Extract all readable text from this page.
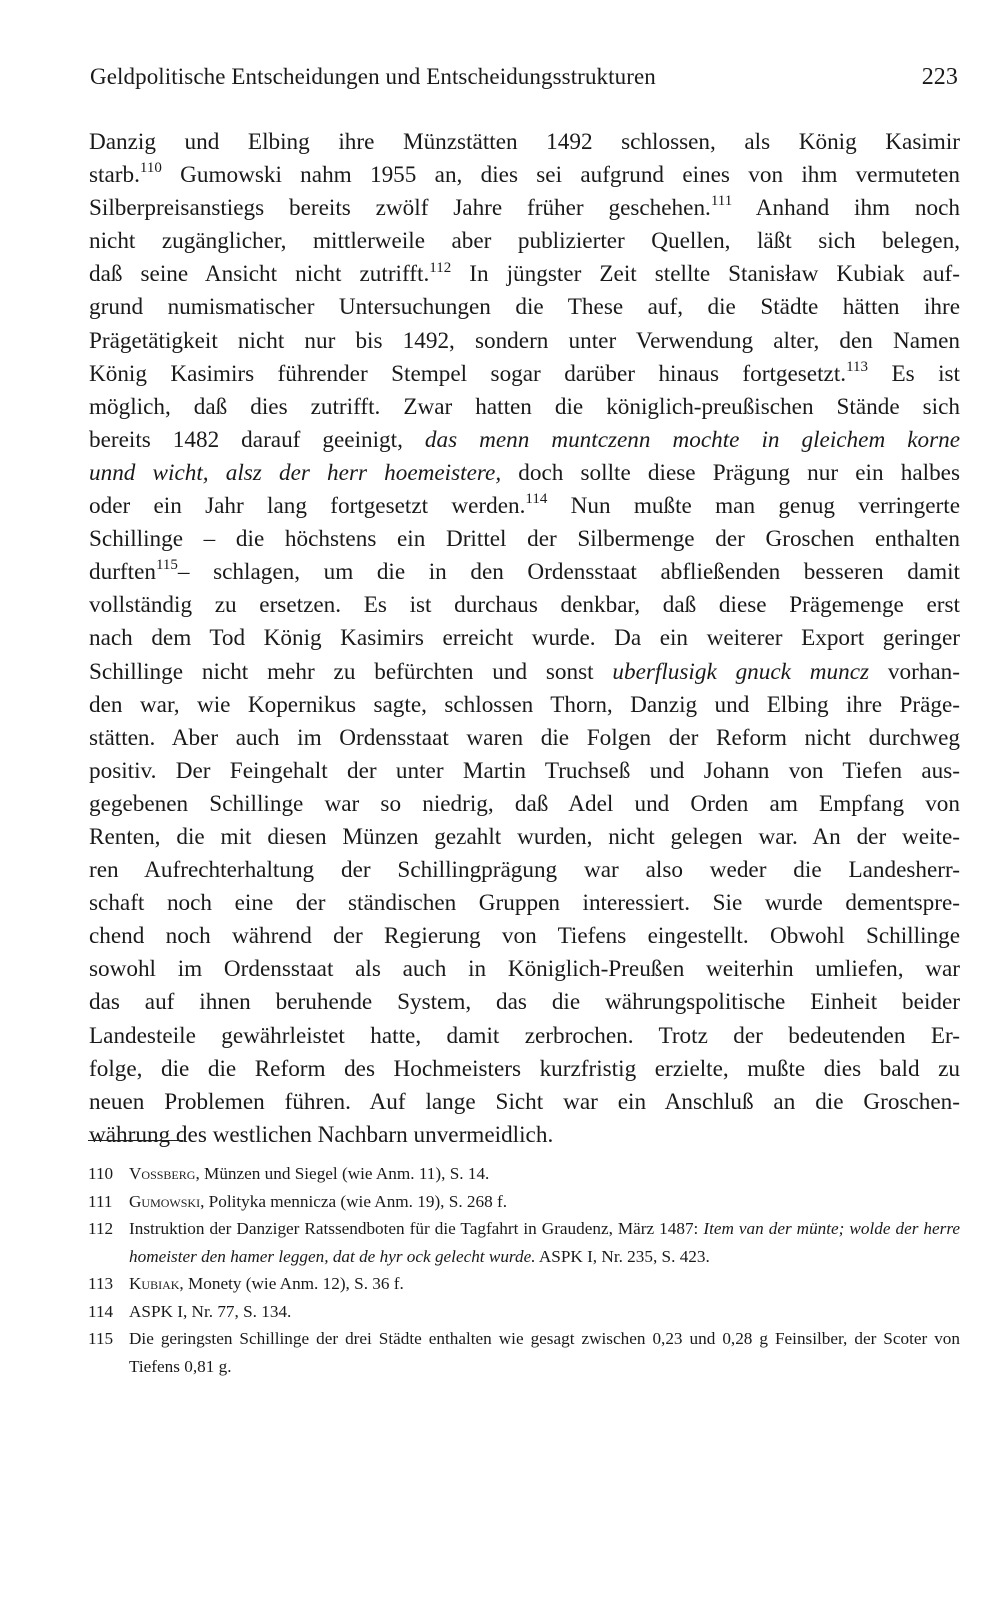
Geldpolitische Entscheidungen und Entscheidungsstrukturen	223
Danzig und Elbing ihre Münzstätten 1492 schlossen, als König Kasimir
starb.$^{110}$ Gumowski nahm 1955 an, dies sei aufgrund eines von ihm vermuteten
Silberpreisanstiegs bereits zwölf Jahre früher geschehen.$^{111}$ Anhand ihm noch
nicht zugänglicher, mittlerweile aber publizierter Quellen, läßt sich belegen,
daß seine Ansicht nicht zutrifft.$^{112}$ In jüngster Zeit stellte Stanisław Kubiak auf-
grund numismatischer Untersuchungen die These auf, die Städte hätten ihre
Prägetätigkeit nicht nur bis 1492, sondern unter Verwendung alter, den Namen
König Kasimirs führender Stempel sogar darüber hinaus fortgesetzt.$^{113}$ Es ist
möglich, daß dies zutrifft. Zwar hatten die königlich-preußischen Stände sich
bereits 1482 darauf geeinigt, das menn muntczenn mochte in gleichem korne
unnd wicht, alsz der herr hoemeistere, doch sollte diese Prägung nur ein halbes
oder ein Jahr lang fortgesetzt werden.$^{114}$ Nun mußte man genug verringerte
Schillinge – die höchstens ein Drittel der Silbermenge der Groschen enthalten
durften$^{115}$– schlagen, um die in den Ordensstaat abfließenden besseren damit
vollständig zu ersetzen. Es ist durchaus denkbar, daß diese Prägemenge erst
nach dem Tod König Kasimirs erreicht wurde. Da ein weiterer Export geringer
Schillinge nicht mehr zu befürchten und sonst uberflusigk gnuck muncz vorhan-
den war, wie Kopernikus sagte, schlossen Thorn, Danzig und Elbing ihre Präge-
stätten. Aber auch im Ordensstaat waren die Folgen der Reform nicht durchweg
positiv. Der Feingehalt der unter Martin Truchseß und Johann von Tiefen aus-
gegebenen Schillinge war so niedrig, daß Adel und Orden am Empfang von
Renten, die mit diesen Münzen gezahlt wurden, nicht gelegen war. An der weite-
ren Aufrechterhaltung der Schillingprägung war also weder die Landesherr-
schaft noch eine der ständischen Gruppen interessiert. Sie wurde dementspre-
chend noch während der Regierung von Tiefens eingestellt. Obwohl Schillinge
sowohl im Ordensstaat als auch in Königlich-Preußen weiterhin umliefen, war
das auf ihnen beruhende System, das die währungspolitische Einheit beider
Landesteile gewährleistet hatte, damit zerbrochen. Trotz der bedeutenden Er-
folge, die die Reform des Hochmeisters kurzfristig erzielte, mußte dies bald zu
neuen Problemen führen. Auf lange Sicht war ein Anschluß an die Groschen-
währung des westlichen Nachbarn unvermeidlich.
110 Vossberg, Münzen und Siegel (wie Anm. 11), S. 14.
111 Gumowski, Polityka mennicza (wie Anm. 19), S. 268 f.
112 Instruktion der Danziger Ratssendboten für die Tagfahrt in Graudenz, März 1487: Item van der münte; wolde der herre homeister den hamer leggen, dat de hyr ock gelecht wurde. ASPK I, Nr. 235, S. 423.
113 Kubiak, Monety (wie Anm. 12), S. 36 f.
114 ASPK I, Nr. 77, S. 134.
115 Die geringsten Schillinge der drei Städte enthalten wie gesagt zwischen 0,23 und 0,28 g Feinsilber, der Scoter von Tiefens 0,81 g.
